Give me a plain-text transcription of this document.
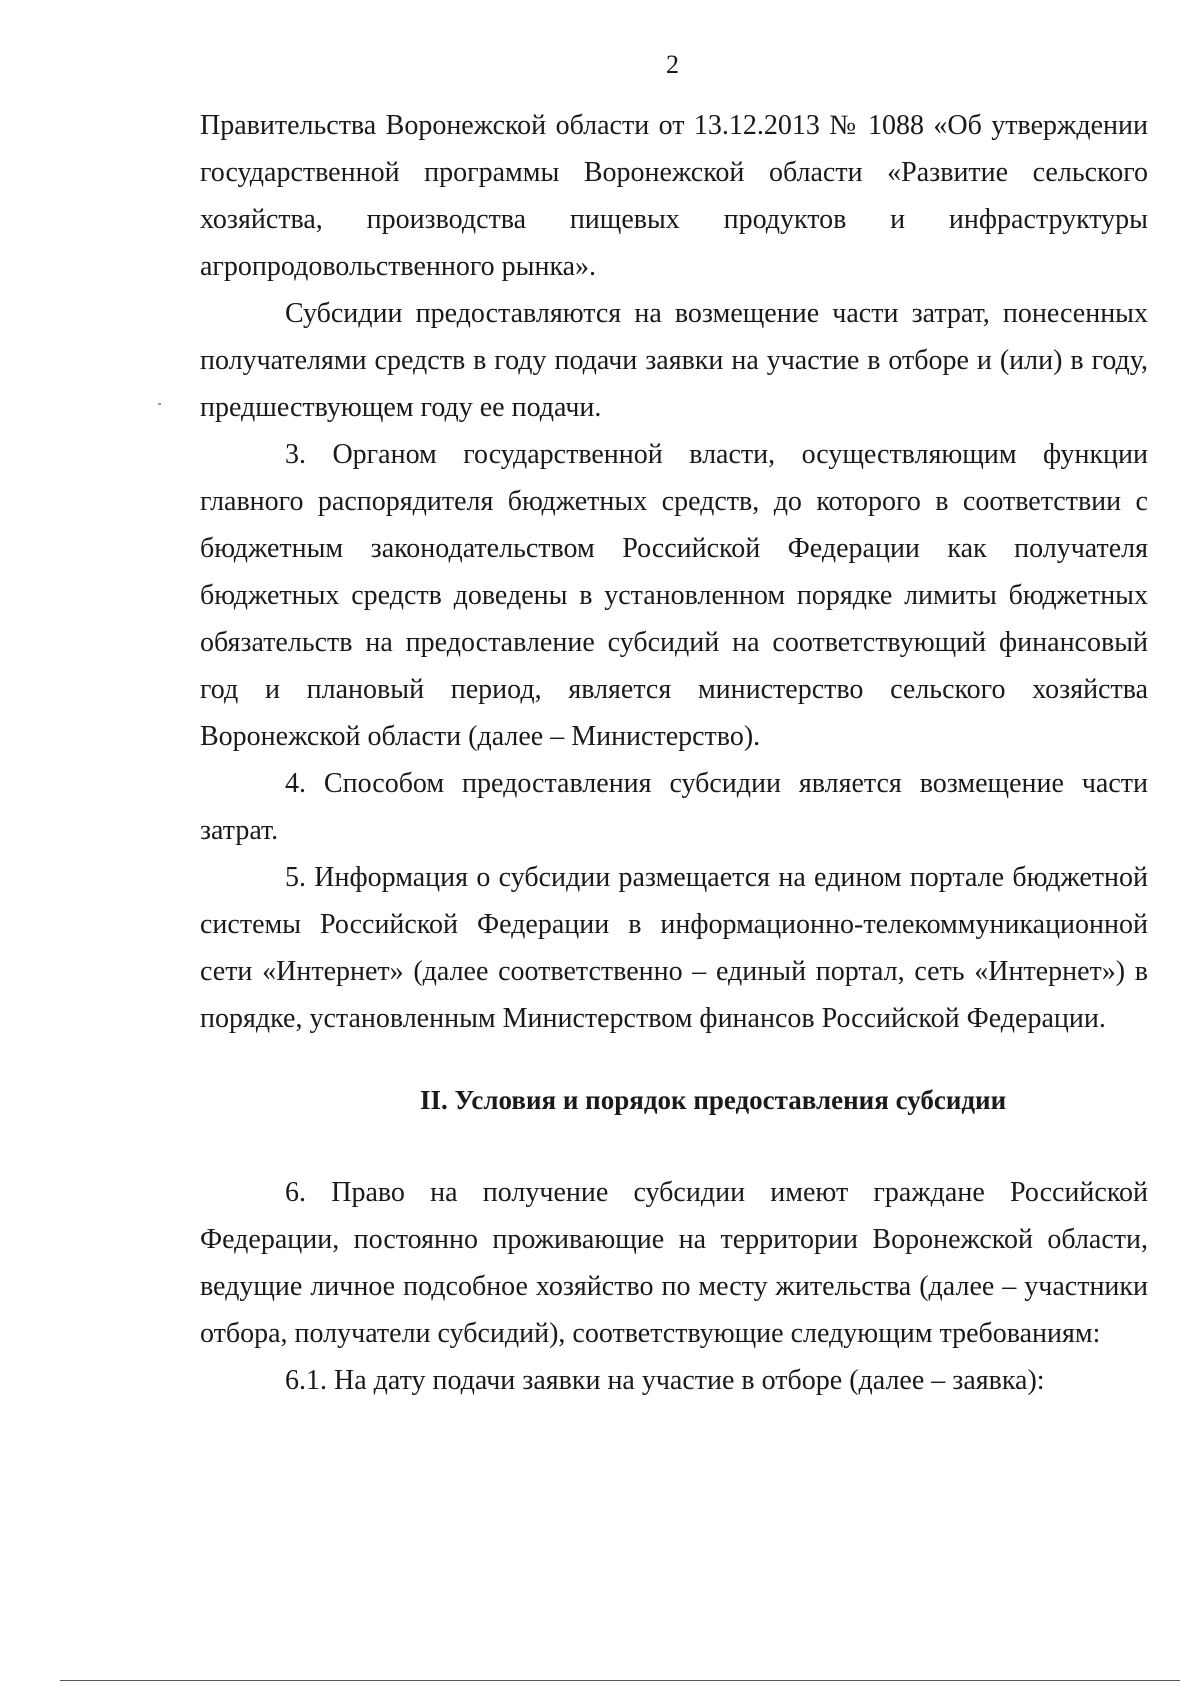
2

Правительства Воронежской области от 13.12.2013 № 1088 «Об утверждении государственной программы Воронежской области «Развитие сельского хозяйства, производства пищевых продуктов и инфраструктуры агропродовольственного рынка».

Субсидии предоставляются на возмещение части затрат, понесенных получателями средств в году подачи заявки на участие в отборе и (или) в году, предшествующем году ее подачи.

3. Органом государственной власти, осуществляющим функции главного распорядителя бюджетных средств, до которого в соответствии с бюджетным законодательством Российской Федерации как получателя бюджетных средств доведены в установленном порядке лимиты бюджетных обязательств на предоставление субсидий на соответствующий финансовый год и плановый период, является министерство сельского хозяйства Воронежской области (далее – Министерство).

4. Способом предоставления субсидии является возмещение части затрат.

5. Информация о субсидии размещается на едином портале бюджетной системы Российской Федерации в информационно-телекоммуникационной сети «Интернет» (далее соответственно – единый портал, сеть «Интернет») в порядке, установленным Министерством финансов Российской Федерации.

II. Условия и порядок предоставления субсидии

6. Право на получение субсидии имеют граждане Российской Федерации, постоянно проживающие на территории Воронежской области, ведущие личное подсобное хозяйство по месту жительства (далее – участники отбора, получатели субсидий), соответствующие следующим требованиям:

6.1. На дату подачи заявки на участие в отборе (далее – заявка):
